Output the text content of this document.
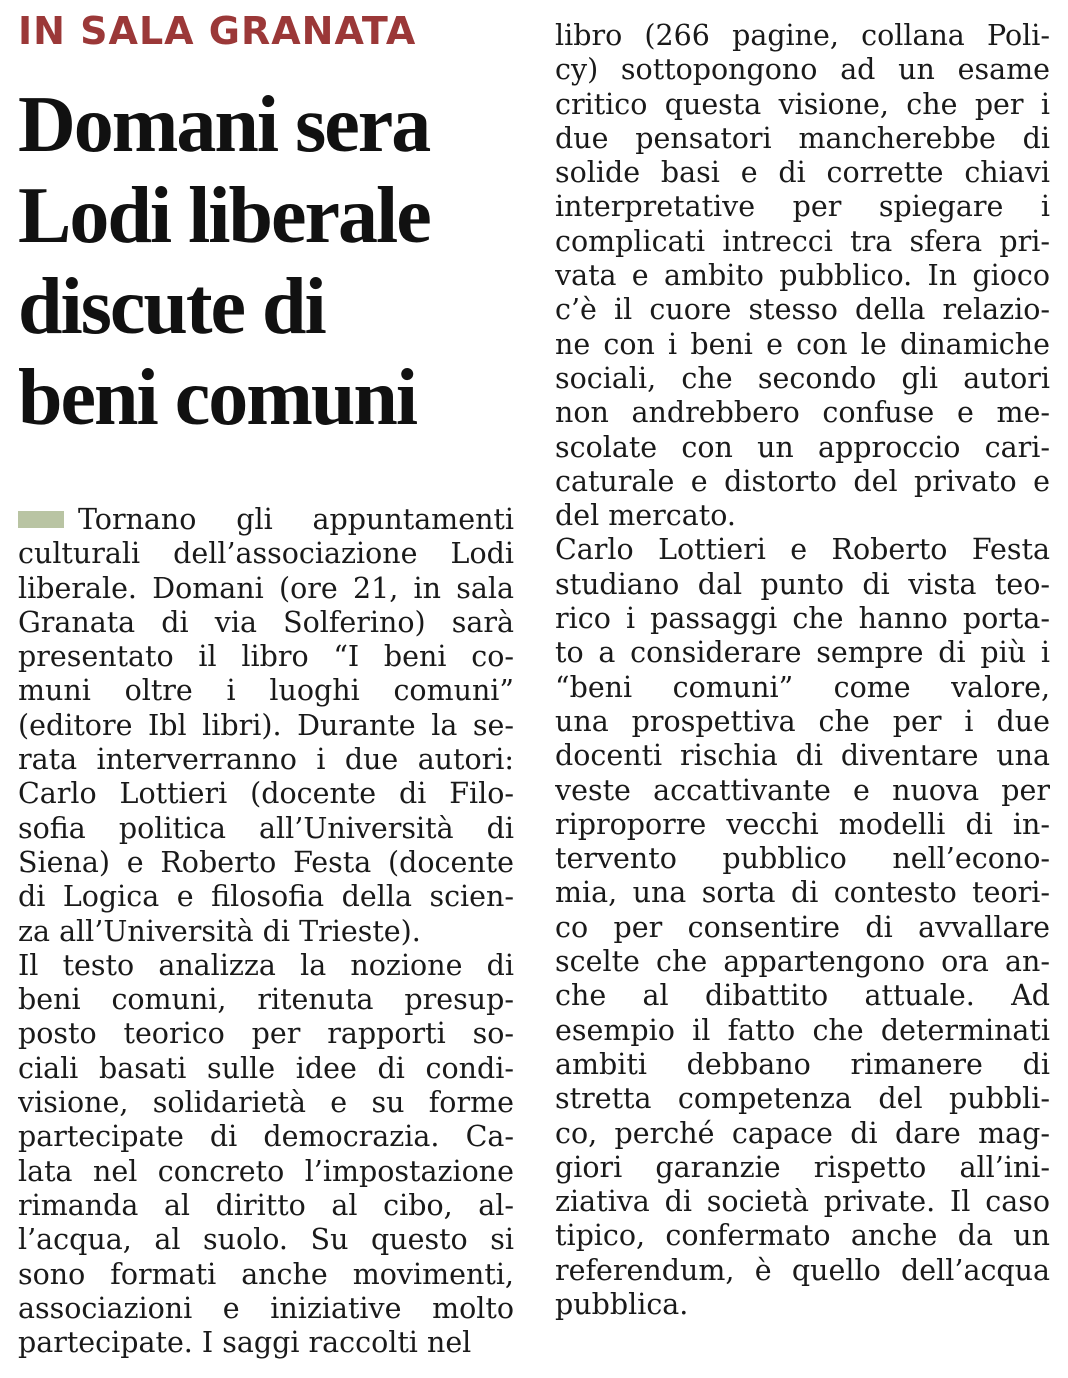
IN SALA GRANATA
Domani sera
Lodi liberale
discute di
beni comuni
Tornano gli appuntamenti
culturali dell’associazione Lodi
liberale. Domani (ore 21, in sala
Granata di via Solferino) sarà
presentato il libro “I beni co-
muni oltre i luoghi comuni”
(editore Ibl libri). Durante la se-
rata interverranno i due autori:
Carlo Lottieri (docente di Filo-
sofia politica all’Università di
Siena) e Roberto Festa (docente
di Logica e filosofia della scien-
za all’Università di Trieste).
Il testo analizza la nozione di
beni comuni, ritenuta presup-
posto teorico per rapporti so-
ciali basati sulle idee di condi-
visione, solidarietà e su forme
partecipate di democrazia. Ca-
lata nel concreto l’impostazione
rimanda al diritto al cibo, al-
l’acqua, al suolo. Su questo si
sono formati anche movimenti,
associazioni e iniziative molto
partecipate. I saggi raccolti nel
libro (266 pagine, collana Poli-
cy) sottopongono ad un esame
critico questa visione, che per i
due pensatori mancherebbe di
solide basi e di corrette chiavi
interpretative per spiegare i
complicati intrecci tra sfera pri-
vata e ambito pubblico. In gioco
c’è il cuore stesso della relazio-
ne con i beni e con le dinamiche
sociali, che secondo gli autori
non andrebbero confuse e me-
scolate con un approccio cari-
caturale e distorto del privato e
del mercato.
Carlo Lottieri e Roberto Festa
studiano dal punto di vista teo-
rico i passaggi che hanno porta-
to a considerare sempre di più i
“beni comuni” come valore,
una prospettiva che per i due
docenti rischia di diventare una
veste accattivante e nuova per
riproporre vecchi modelli di in-
tervento pubblico nell’econo-
mia, una sorta di contesto teori-
co per consentire di avvallare
scelte che appartengono ora an-
che al dibattito attuale. Ad
esempio il fatto che determinati
ambiti debbano rimanere di
stretta competenza del pubbli-
co, perché capace di dare mag-
giori garanzie rispetto all’ini-
ziativa di società private. Il caso
tipico, confermato anche da un
referendum, è quello dell’acqua
pubblica.
